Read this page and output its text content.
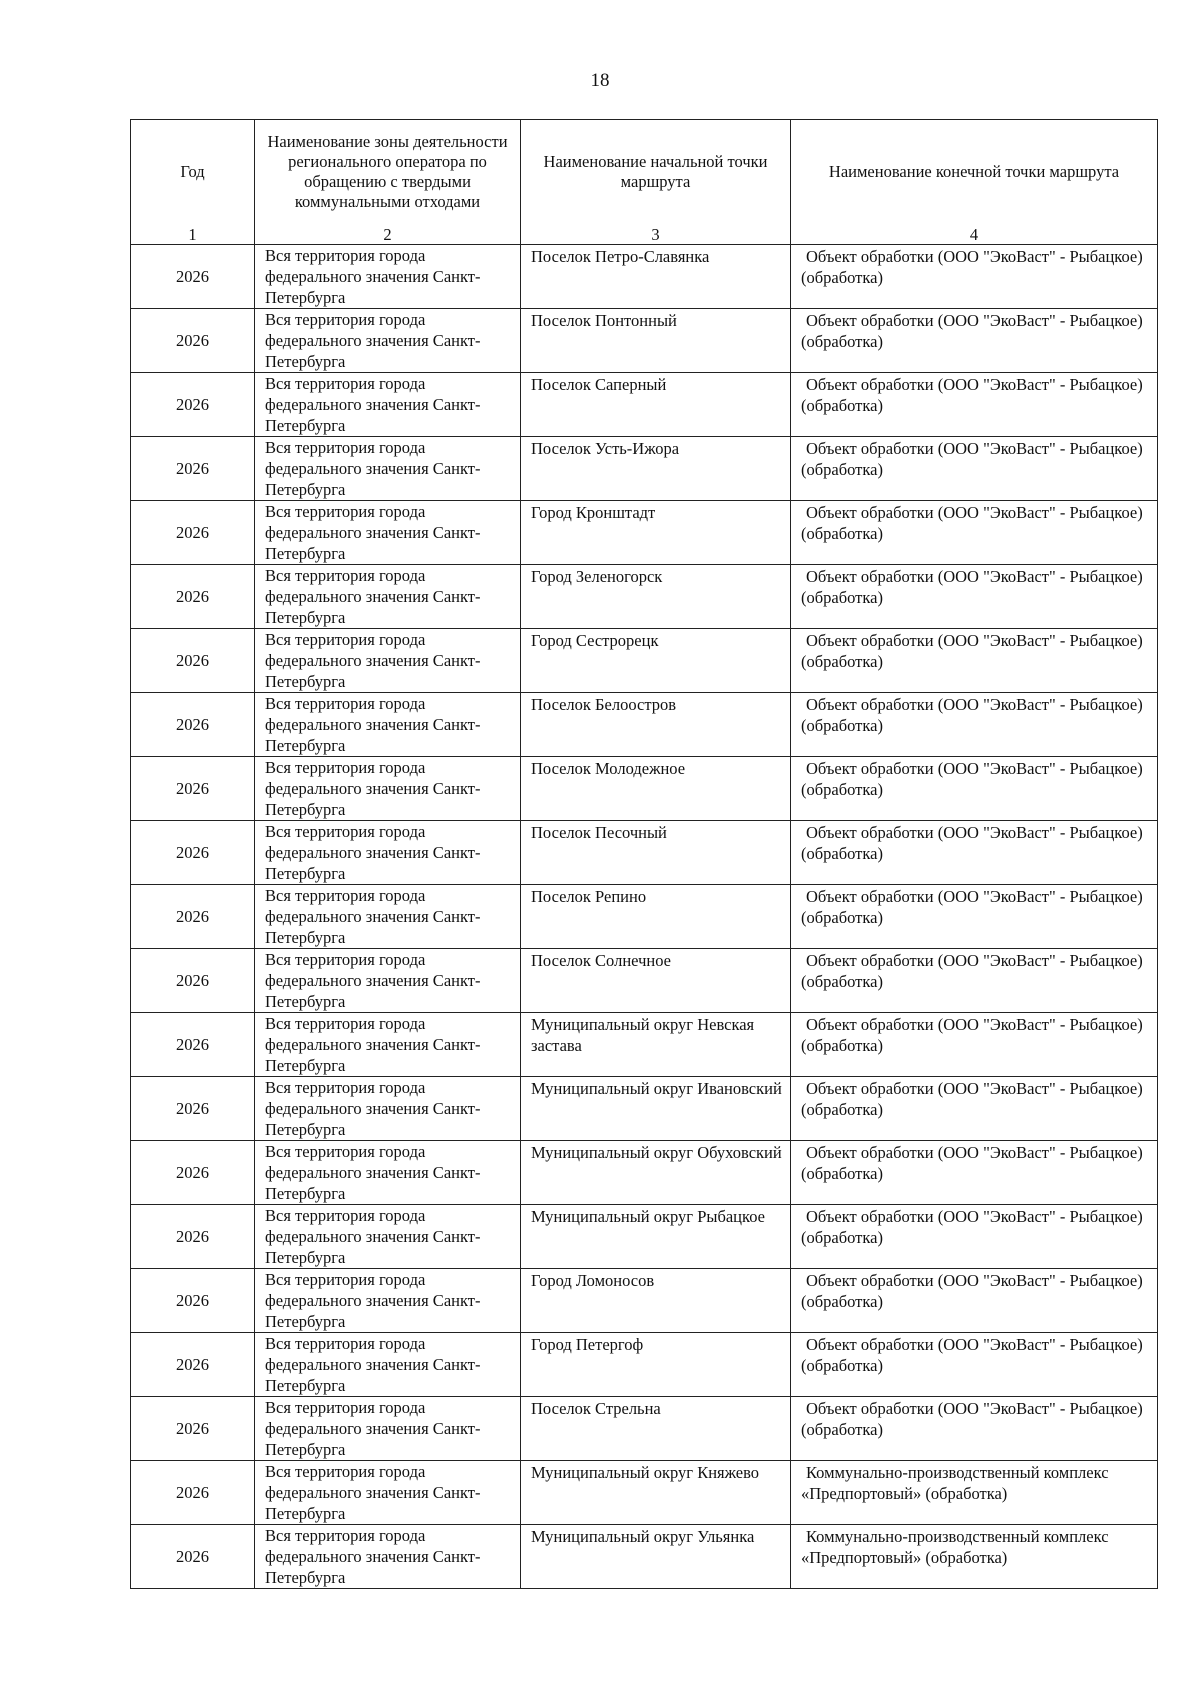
18
Год	Наименование зоны деятельности регионального оператора по обращению с твердыми коммунальными отходами	Наименование начальной точки маршрута	Наименование конечной точки маршрута
1	2	3	4
2026	Вся территория города федерального значения Санкт-Петербурга	Поселок Петро-Славянка	Объект обработки (ООО "ЭкоВаст" - Рыбацкое) (обработка)

2026	Вся территория города федерального значения Санкт-Петербурга	Поселок Понтонный	Объект обработки (ООО "ЭкоВаст" - Рыбацкое) (обработка)

2026	Вся территория города федерального значения Санкт-Петербурга	Поселок Саперный	Объект обработки (ООО "ЭкоВаст" - Рыбацкое) (обработка)

2026	Вся территория города федерального значения Санкт-Петербурга	Поселок Усть-Ижора	Объект обработки (ООО "ЭкоВаст" - Рыбацкое) (обработка)

2026	Вся территория города федерального значения Санкт-Петербурга	Город Кронштадт	Объект обработки (ООО "ЭкоВаст" - Рыбацкое) (обработка)

2026	Вся территория города федерального значения Санкт-Петербурга	Город Зеленогорск	Объект обработки (ООО "ЭкоВаст" - Рыбацкое) (обработка)

2026	Вся территория города федерального значения Санкт-Петербурга	Город Сестрорецк	Объект обработки (ООО "ЭкоВаст" - Рыбацкое) (обработка)

2026	Вся территория города федерального значения Санкт-Петербурга	Поселок Белоостров	Объект обработки (ООО "ЭкоВаст" - Рыбацкое) (обработка)

2026	Вся территория города федерального значения Санкт-Петербурга	Поселок Молодежное	Объект обработки (ООО "ЭкоВаст" - Рыбацкое) (обработка)

2026	Вся территория города федерального значения Санкт-Петербурга	Поселок Песочный	Объект обработки (ООО "ЭкоВаст" - Рыбацкое) (обработка)

2026	Вся территория города федерального значения Санкт-Петербурга	Поселок Репино	Объект обработки (ООО "ЭкоВаст" - Рыбацкое) (обработка)

2026	Вся территория города федерального значения Санкт-Петербурга	Поселок Солнечное	Объект обработки (ООО "ЭкоВаст" - Рыбацкое) (обработка)

2026	Вся территория города федерального значения Санкт-Петербурга	Муниципальный округ Невская застава	Объект обработки (ООО "ЭкоВаст" - Рыбацкое) (обработка)

2026	Вся территория города федерального значения Санкт-Петербурга	Муниципальный округ Ивановский	Объект обработки (ООО "ЭкоВаст" - Рыбацкое) (обработка)

2026	Вся территория города федерального значения Санкт-Петербурга	Муниципальный округ Обуховский	Объект обработки (ООО "ЭкоВаст" - Рыбацкое) (обработка)

2026	Вся территория города федерального значения Санкт-Петербурга	Муниципальный округ Рыбацкое	Объект обработки (ООО "ЭкоВаст" - Рыбацкое) (обработка)

2026	Вся территория города федерального значения Санкт-Петербурга	Город Ломоносов	Объект обработки (ООО "ЭкоВаст" - Рыбацкое) (обработка)

2026	Вся территория города федерального значения Санкт-Петербурга	Город Петергоф	Объект обработки (ООО "ЭкоВаст" - Рыбацкое) (обработка)

2026	Вся территория города федерального значения Санкт-Петербурга	Поселок Стрельна	Объект обработки (ООО "ЭкоВаст" - Рыбацкое) (обработка)

2026	Вся территория города федерального значения Санкт-Петербурга	Муниципальный округ Княжево	Коммунально-производственный комплекс «Предпортовый» (обработка)

2026	Вся территория города федерального значения Санкт-Петербурга	Муниципальный округ Ульянка	Коммунально-производственный комплекс «Предпортовый» (обработка)
